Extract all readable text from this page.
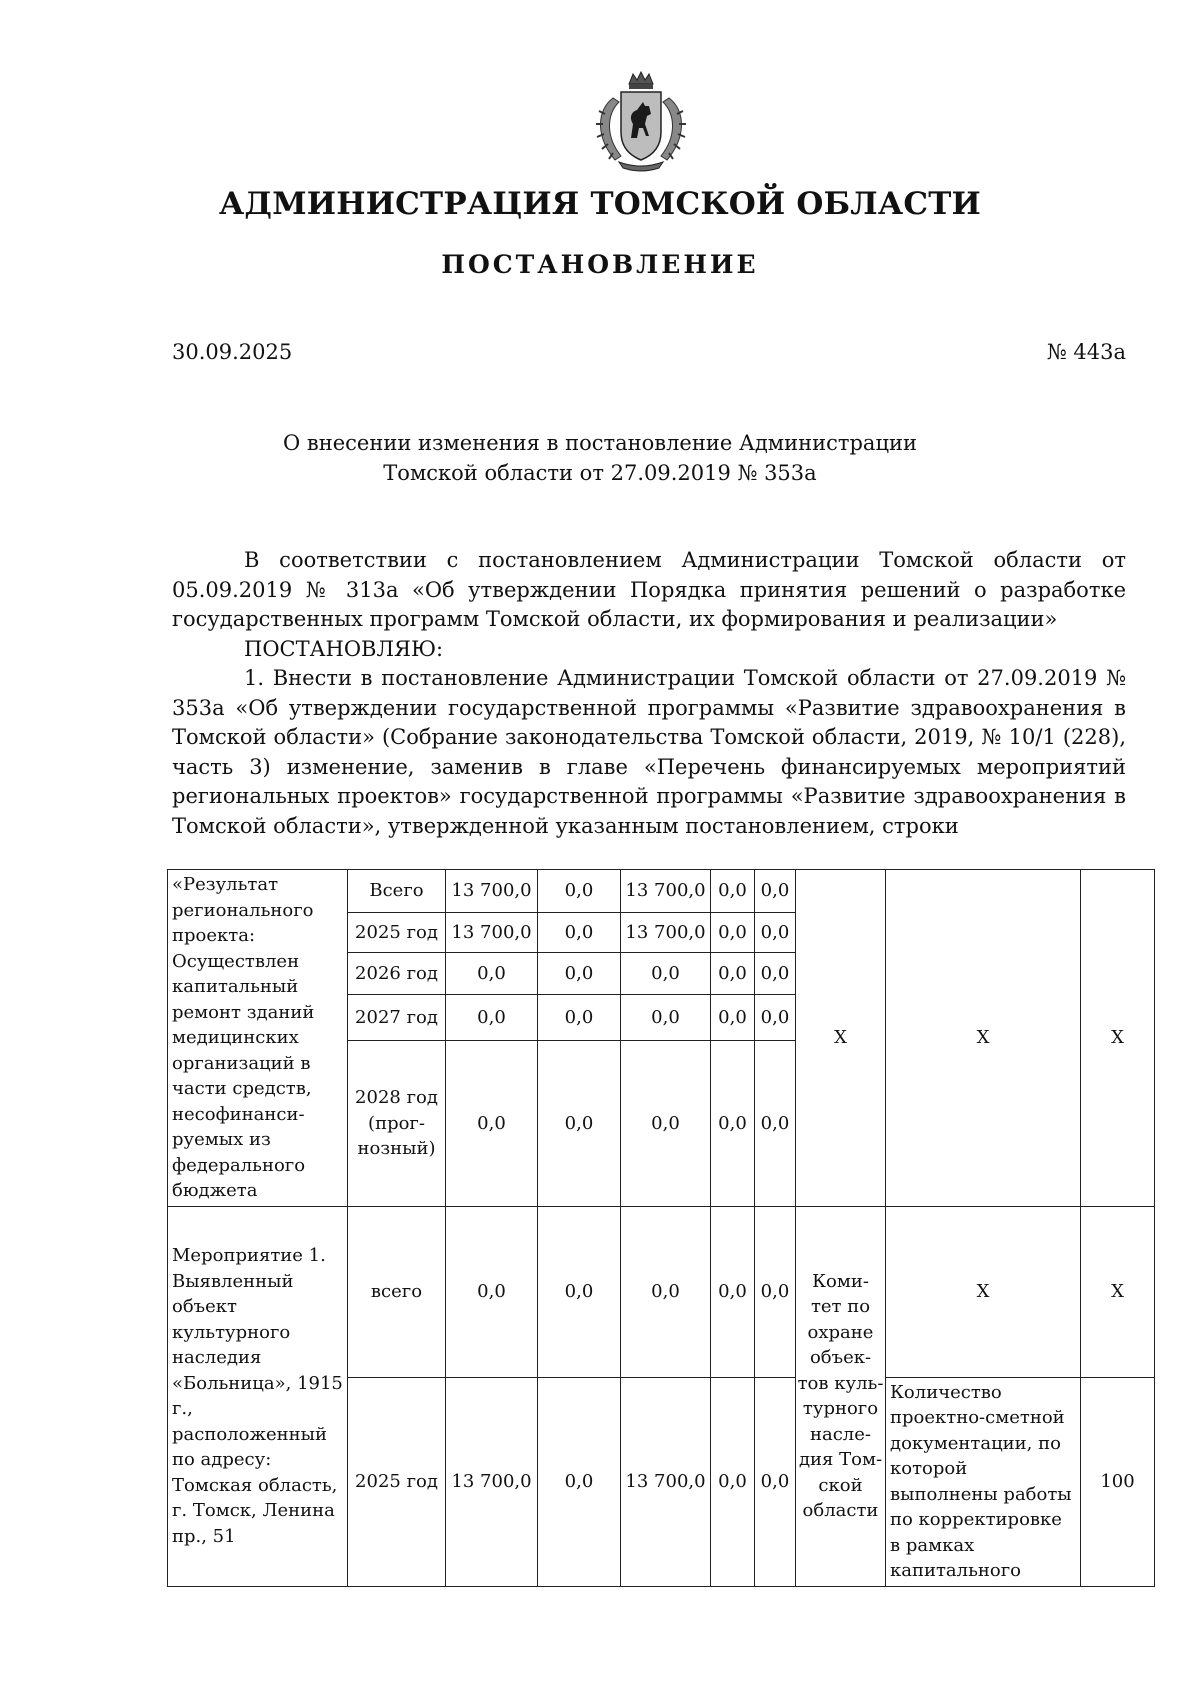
АДМИНИСТРАЦИЯ ТОМСКОЙ ОБЛАСТИ
ПОСТАНОВЛЕНИЕ
30.09.2025	№ 443а
О внесении изменения в постановление Администрации
Томской области от 27.09.2019 № 353а

В соответствии с постановлением Администрации Томской области от 05.09.2019 № 313а «Об утверждении Порядка принятия решений о разработке государственных программ Томской области, их формирования и реализации»

ПОСТАНОВЛЯЮ:

1. Внести в постановление Администрации Томской области от 27.09.2019 № 353а «Об утверждении государственной программы «Развитие здравоохранения в Томской области» (Собрание законодательства Томской области, 2019, № 10/1 (228), часть 3) изменение, заменив в главе «Перечень финансируемых мероприятий региональных проектов» государственной программы «Развитие здравоохранения в Томской области», утвержденной указанным постановлением, строки

«Результат регионального проекта: Осуществлен капитальный ремонт зданий медицинских организаций в части средств, несофинанси-руемых из федерального бюджета	Всего	13 700,0	0,0	13 700,0	0,0	0,0	Х	Х	Х
	2025 год	13 700,0	0,0	13 700,0	0,0	0,0			
	2026 год	0,0	0,0	0,0	0,0	0,0			
	2027 год	0,0	0,0	0,0	0,0	0,0			
	2028 год (прог-нозный)	0,0	0,0	0,0	0,0	0,0			
Мероприятие 1. Выявленный объект культурного наследия «Больница», 1915 г., расположенный по адресу: Томская область, г. Томск, Ленина пр., 51	всего	0,0	0,0	0,0	0,0	0,0	Коми-тет по охране объек-тов куль-турного насле-дия Том-ской области	Х	Х
	2025 год	13 700,0	0,0	13 700,0	0,0	0,0		Количество проектно-сметной документации, по которой выполнены работы по корректировке в рамках капитального	100
